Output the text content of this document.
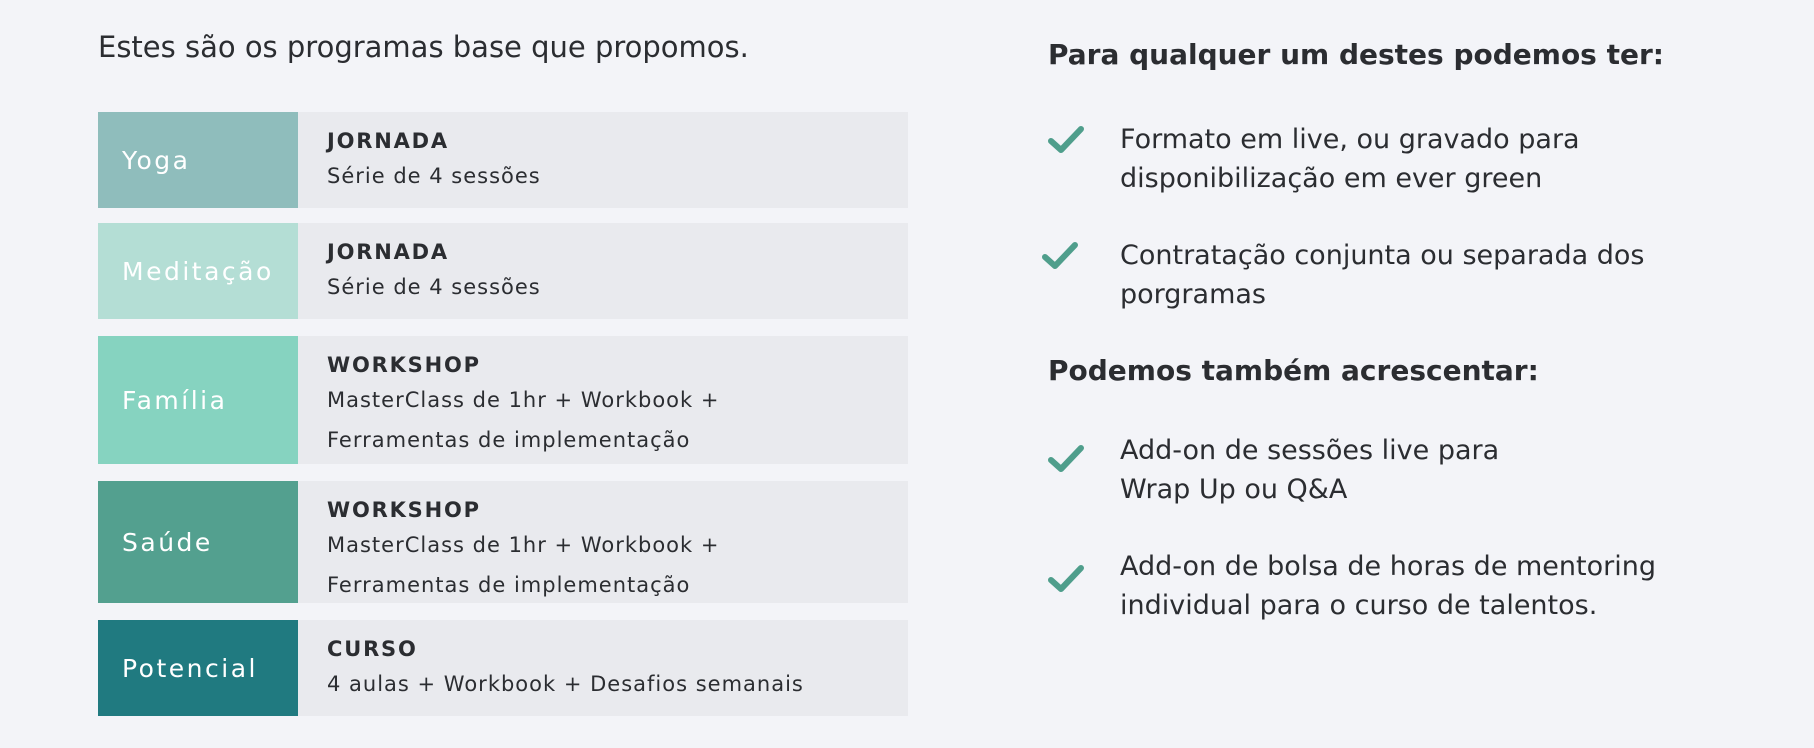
Estes são os programas base que propomos.
Yoga
JORNADA
Série de 4 sessões
Meditação
JORNADA
Série de 4 sessões
Família
WORKSHOP
MasterClass de 1hr + Workbook +
Ferramentas de implementação
Saúde
WORKSHOP
MasterClass de 1hr + Workbook +
Ferramentas de implementação
Potencial
CURSO
4 aulas + Workbook + Desafios semanais
Para qualquer um destes podemos ter:
Formato em live, ou gravado para
disponibilização em ever green
Contratação conjunta ou separada dos
porgramas
Podemos também acrescentar:
Add-on de sessões live para
Wrap Up ou Q&A
Add-on de bolsa de horas de mentoring
individual para o curso de talentos.
